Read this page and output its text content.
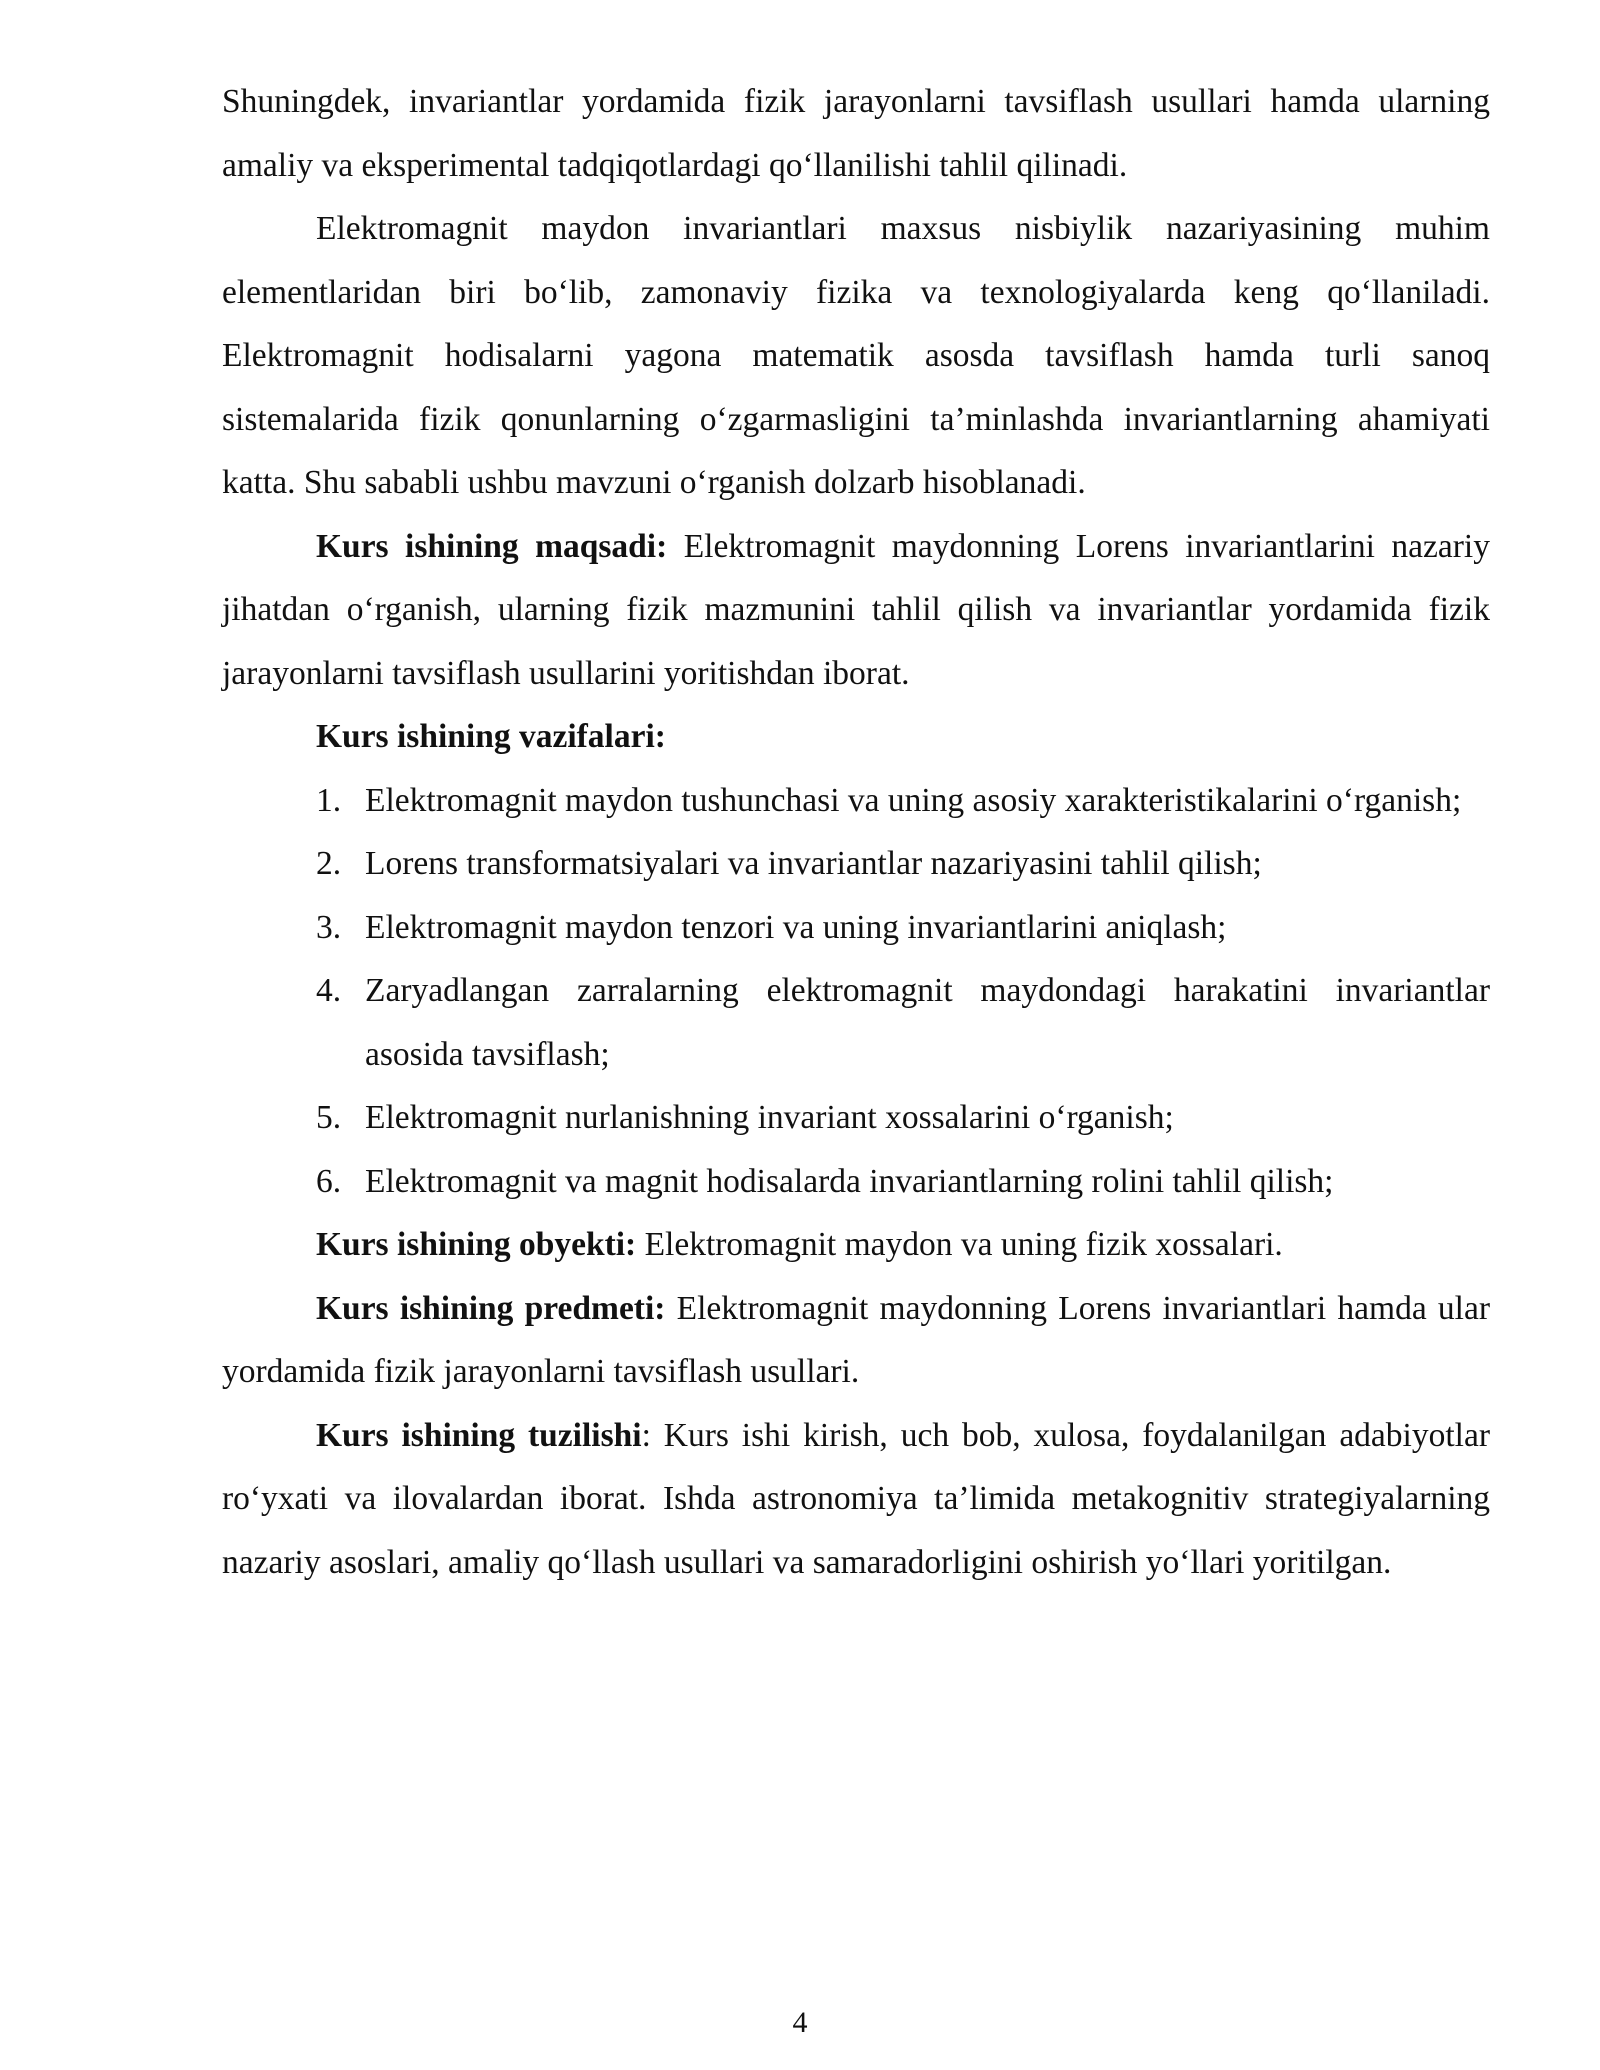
Shuningdek, invariantlar yordamida fizik jarayonlarni tavsiflash usullari hamda ularning amaliy va eksperimental tadqiqotlardagi qo‘llanilishi tahlil qilinadi.

Elektromagnit maydon invariantlari maxsus nisbiylik nazariyasining muhim elementlaridan biri bo‘lib, zamonaviy fizika va texnologiyalarda keng qo‘llaniladi. Elektromagnit hodisalarni yagona matematik asosda tavsiflash hamda turli sanoq sistemalarida fizik qonunlarning o‘zgarmasligini ta’minlashda invariantlarning ahamiyati katta. Shu sababli ushbu mavzuni o‘rganish dolzarb hisoblanadi.

Kurs ishining maqsadi: Elektromagnit maydonning Lorens invariantlarini nazariy jihatdan o‘rganish, ularning fizik mazmunini tahlil qilish va invariantlar yordamida fizik jarayonlarni tavsiflash usullarini yoritishdan iborat.

Kurs ishining vazifalari:

1. Elektromagnit maydon tushunchasi va uning asosiy xarakteristikalarini o‘rganish;
2. Lorens transformatsiyalari va invariantlar nazariyasini tahlil qilish;
3. Elektromagnit maydon tenzori va uning invariantlarini aniqlash;
4. Zaryadlangan zarralarning elektromagnit maydondagi harakatini invariantlar asosida tavsiflash;
5. Elektromagnit nurlanishning invariant xossalarini o‘rganish;
6. Elektromagnit va magnit hodisalarda invariantlarning rolini tahlil qilish;

Kurs ishining obyekti: Elektromagnit maydon va uning fizik xossalari.

Kurs ishining predmeti: Elektromagnit maydonning Lorens invariantlari hamda ular yordamida fizik jarayonlarni tavsiflash usullari.

Kurs ishining tuzilishi: Kurs ishi kirish, uch bob, xulosa, foydalanilgan adabiyotlar ro‘yxati va ilovalardan iborat. Ishda astronomiya ta’limida metakognitiv strategiyalarning nazariy asoslari, amaliy qo‘llash usullari va samaradorligini oshirish yo‘llari yoritilgan.

4
